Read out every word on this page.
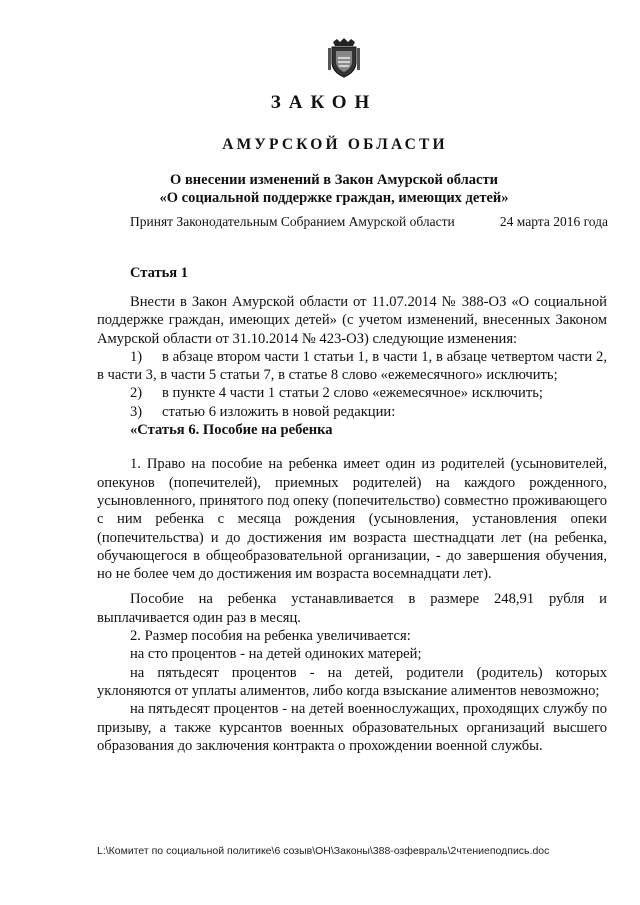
ЗАКОН
АМУРСКОЙ ОБЛАСТИ
О внесении изменений в Закон Амурской области
«О социальной поддержке граждан, имеющих детей»
Принят Законодательным Собранием Амурской области	24 марта 2016 года
Статья 1

Внести в Закон Амурской области от 11.07.2014 № 388-ОЗ «О социальной поддержке граждан, имеющих детей» (с учетом изменений, внесенных Законом Амурской области от 31.10.2014 № 423-ОЗ) следующие изменения:

1) в абзаце втором части 1 статьи 1, в части 1, в абзаце четвертом части 2, в части 3, в части 5 статьи 7, в статье 8 слово «ежемесячного» исключить;

2) в пункте 4 части 1 статьи 2 слово «ежемесячное» исключить;

3) статью 6 изложить в новой редакции:

«Статья 6. Пособие на ребенка

1. Право на пособие на ребенка имеет один из родителей (усыновителей, опекунов (попечителей), приемных родителей) на каждого рожденного, усыновленного, принятого под опеку (попечительство) совместно проживающего с ним ребенка с месяца рождения (усыновления, установления опеки (попечительства) и до достижения им возраста шестнадцати лет (на ребенка, обучающегося в общеобразовательной организации, - до завершения обучения, но не более чем до достижения им возраста восемнадцати лет).

Пособие на ребенка устанавливается в размере 248,91 рубля и выплачивается один раз в месяц.

2. Размер пособия на ребенка увеличивается:

на сто процентов - на детей одиноких матерей;

на пятьдесят процентов - на детей, родители (родитель) которых уклоняются от уплаты алиментов, либо когда взыскание алиментов невозможно;

на пятьдесят процентов - на детей военнослужащих, проходящих службу по призыву, а также курсантов военных образовательных организаций высшего образования до заключения контракта о прохождении военной службы.

L:\Комитет по социальной политике\6 созыв\ОН\Законы\388-озфевраль\2чтениеподпись.doc
